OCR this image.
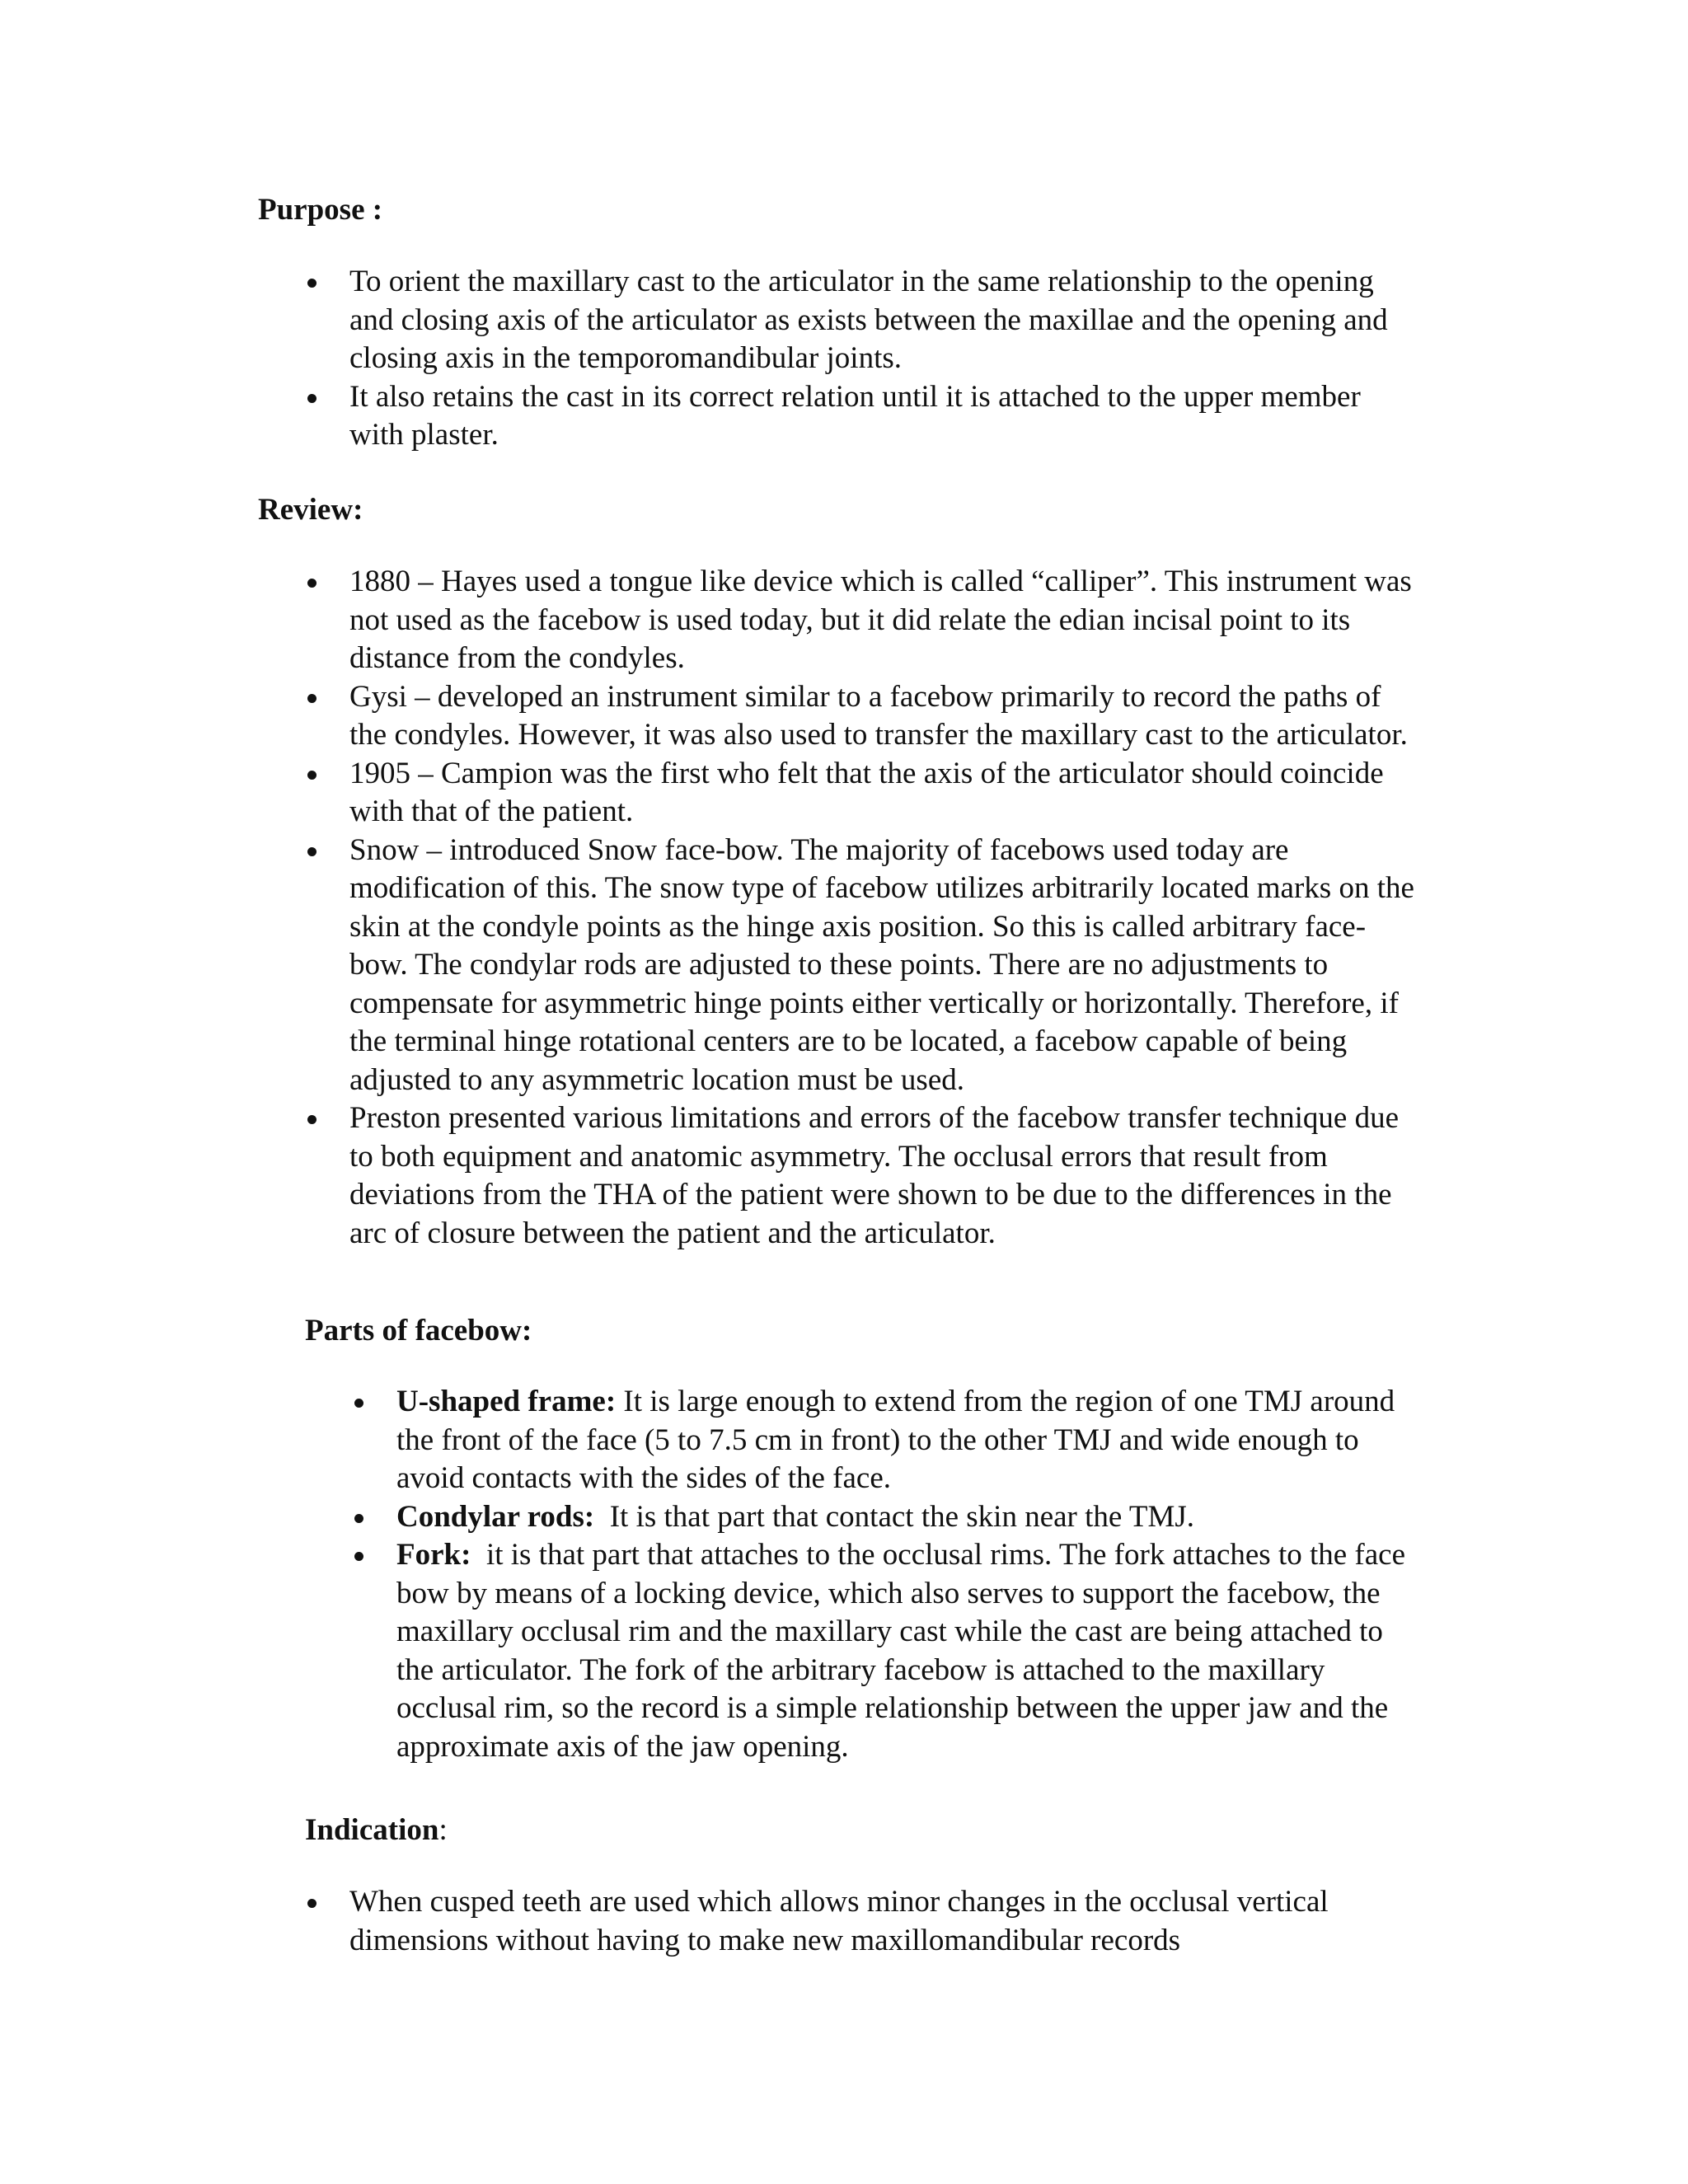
Purpose :
To orient the maxillary cast to the articulator in the same relationship to the opening and closing axis of the articulator as exists between the maxillae and the opening and closing axis in the temporomandibular joints.
It also retains the cast in its correct relation until it is attached to the upper member with plaster.
Review:
1880 – Hayes used a tongue like device which is called “calliper”. This instrument was not used as the facebow is used today, but it did relate the edian incisal point to its distance from the condyles.
Gysi – developed an instrument similar to a facebow primarily to record the paths of the condyles. However, it was also used to transfer the maxillary cast to the articulator.
1905 – Campion was the first who felt that the axis of the articulator should coincide with that of the patient.
Snow – introduced Snow face-bow. The majority of facebows used today are modification of this. The snow type of facebow utilizes arbitrarily located marks on the skin at the condyle points as the hinge axis position. So this is called arbitrary face- bow. The condylar rods are adjusted to these points. There are no adjustments to compensate for asymmetric hinge points either vertically or horizontally. Therefore, if the terminal hinge rotational centers are to be located, a facebow capable of being adjusted to any asymmetric location must be used.
Preston presented various limitations and errors of the facebow transfer technique due to both equipment and anatomic asymmetry. The occlusal errors that result from deviations from the THA of the patient were shown to be due to the differences in the arc of closure between the patient and the articulator.
Parts of facebow:
U-shaped frame: It is large enough to extend from the region of one TMJ around the front of the face (5 to 7.5 cm in front) to the other TMJ and wide enough to avoid contacts with the sides of the face.
Condylar rods:  It is that part that contact the skin near the TMJ.
Fork:  it is that part that attaches to the occlusal rims. The fork attaches to the face bow by means of a locking device, which also serves to support the facebow, the maxillary occlusal rim and the maxillary cast while the cast are being attached to the articulator. The fork of the arbitrary facebow is attached to the maxillary occlusal rim, so the record is a simple relationship between the upper jaw and the approximate axis of the jaw opening.
Indication:
When cusped teeth are used which allows minor changes in the occlusal vertical dimensions without having to make new maxillomandibular records
